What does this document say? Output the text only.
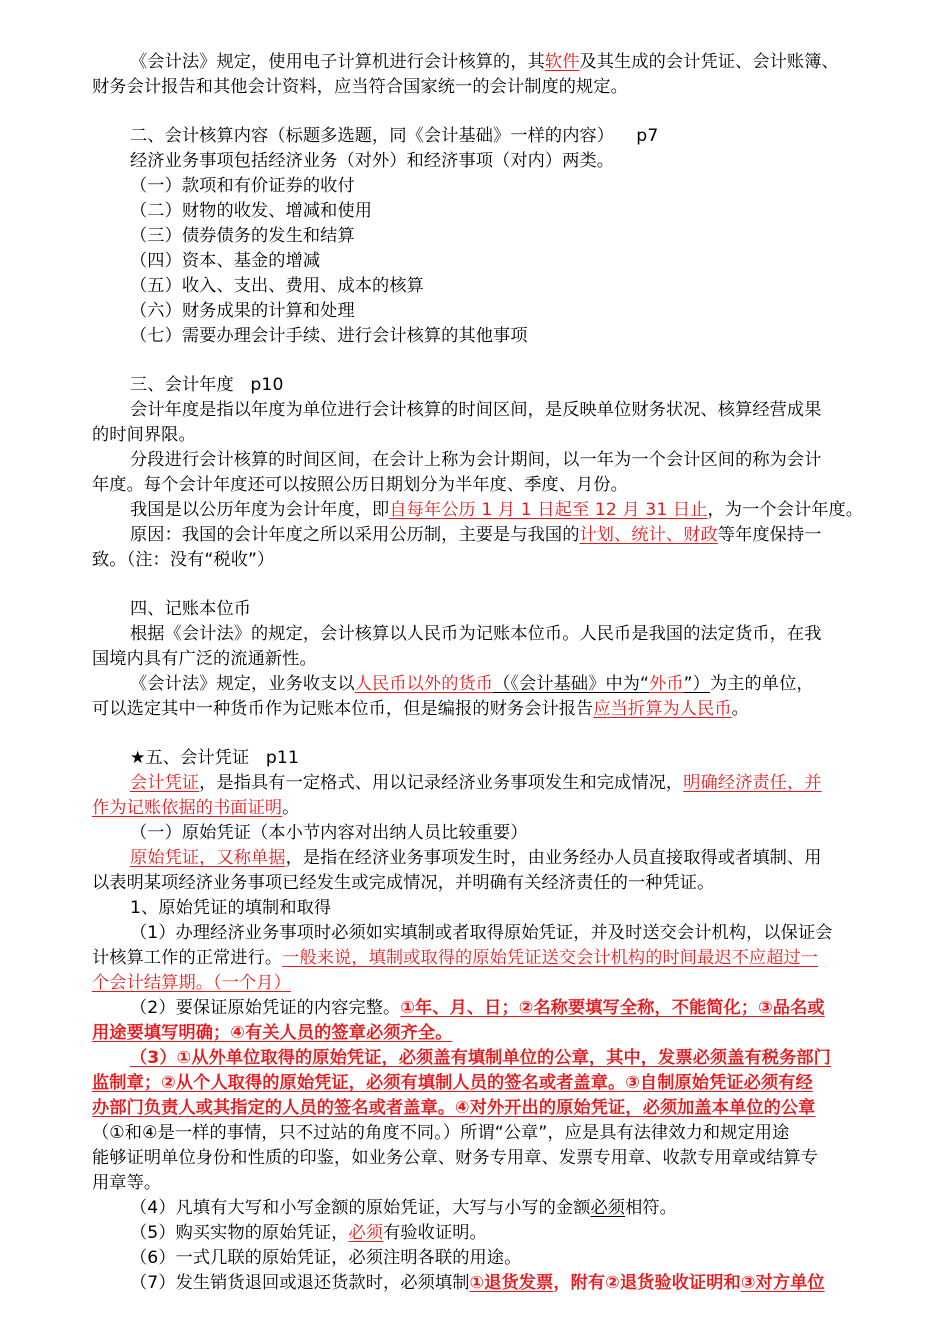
《会计法》规定，使用电子计算机进行会计核算的，其软件及其生成的会计凭证、会计账簿、
财务会计报告和其他会计资料，应当符合国家统一的会计制度的规定。
二、会计核算内容（标题多选题，同《会计基础》一样的内容）    p7
经济业务事项包括经济业务（对外）和经济事项（对内）两类。
（一）款项和有价证券的收付
（二）财物的收发、增减和使用
（三）债券债务的发生和结算
（四）资本、基金的增减
（五）收入、支出、费用、成本的核算
（六）财务成果的计算和处理
（七）需要办理会计手续、进行会计核算的其他事项
三、会计年度   p10
会计年度是指以年度为单位进行会计核算的时间区间，是反映单位财务状况、核算经营成果
的时间界限。
分段进行会计核算的时间区间，在会计上称为会计期间，以一年为一个会计区间的称为会计
年度。每个会计年度还可以按照公历日期划分为半年度、季度、月份。
我国是以公历年度为会计年度，即自每年公历 1 月 1 日起至 12 月 31 日止，为一个会计年度。
原因：我国的会计年度之所以采用公历制，主要是与我国的计划、统计、财政等年度保持一
致。（注：没有“税收”）
四、记账本位币
根据《会计法》的规定，会计核算以人民币为记账本位币。人民币是我国的法定货币，在我
国境内具有广泛的流通新性。
《会计法》规定，业务收支以人民币以外的货币（《会计基础》中为“外币”）为主的单位，
可以选定其中一种货币作为记账本位币，但是编报的财务会计报告应当折算为人民币。
★五、会计凭证   p11
会计凭证，是指具有一定格式、用以记录经济业务事项发生和完成情况，明确经济责任，并
作为记账依据的书面证明。
（一）原始凭证（本小节内容对出纳人员比较重要）
原始凭证，又称单据，是指在经济业务事项发生时，由业务经办人员直接取得或者填制、用
以表明某项经济业务事项已经发生或完成情况，并明确有关经济责任的一种凭证。
1、原始凭证的填制和取得
（1）办理经济业务事项时必须如实填制或者取得原始凭证，并及时送交会计机构，以保证会
计核算工作的正常进行。一般来说，填制或取得的原始凭证送交会计机构的时间最迟不应超过一
个会计结算期。（一个月）
（2）要保证原始凭证的内容完整。①年、月、日；②名称要填写全称，不能简化；③品名或
用途要填写明确；④有关人员的签章必须齐全。
（3）①从外单位取得的原始凭证，必须盖有填制单位的公章，其中，发票必须盖有税务部门
监制章；②从个人取得的原始凭证，必须有填制人员的签名或者盖章。③自制原始凭证必须有经
办部门负责人或其指定的人员的签名或者盖章。④对外开出的原始凭证，必须加盖本单位的公章
（①和④是一样的事情，只不过站的角度不同。）所谓“公章”，应是具有法律效力和规定用途
能够证明单位身份和性质的印鉴，如业务公章、财务专用章、发票专用章、收款专用章或结算专
用章等。
（4）凡填有大写和小写金额的原始凭证，大写与小写的金额必须相符。
（5）购买实物的原始凭证，必须有验收证明。
（6）一式几联的原始凭证，必须注明各联的用途。
（7）发生销货退回或退还货款时，必须填制①退货发票，附有②退货验收证明和③对方单位
